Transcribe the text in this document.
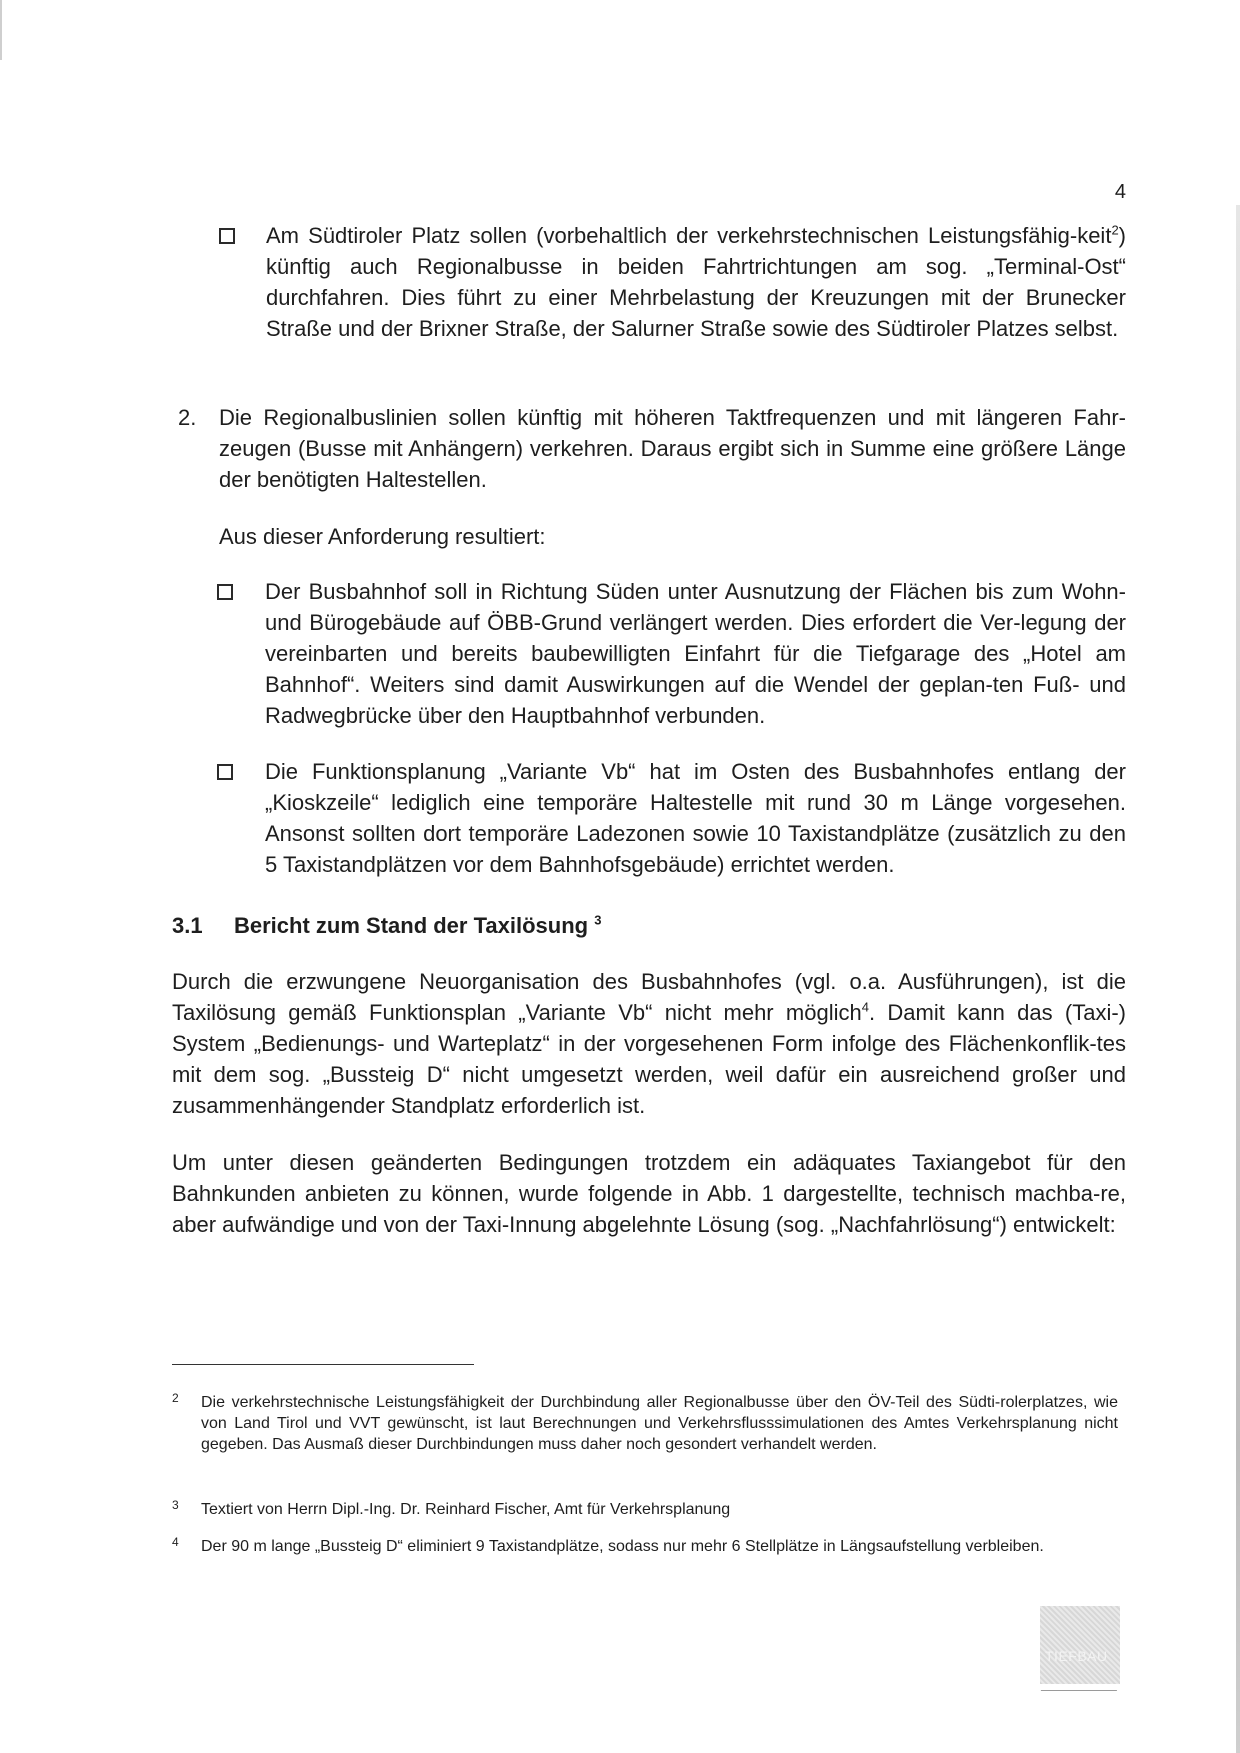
4
Am Südtiroler Platz sollen (vorbehaltlich der verkehrstechnischen Leistungsfähig-keit$^2$) künftig auch Regionalbusse in beiden Fahrtrichtungen am sog. „Terminal-Ost“ durchfahren. Dies führt zu einer Mehrbelastung der Kreuzungen mit der Brunecker Straße und der Brixner Straße, der Salurner Straße sowie des Südtiroler Platzes selbst.
2. Die Regionalbuslinien sollen künftig mit höheren Taktfrequenzen und mit längeren Fahr-zeugen (Busse mit Anhängern) verkehren. Daraus ergibt sich in Summe eine größere Länge der benötigten Haltestellen.
Aus dieser Anforderung resultiert:
Der Busbahnhof soll in Richtung Süden unter Ausnutzung der Flächen bis zum Wohn- und Bürogebäude auf ÖBB-Grund verlängert werden. Dies erfordert die Ver-legung der vereinbarten und bereits baubewilligten Einfahrt für die Tiefgarage des „Hotel am Bahnhof“. Weiters sind damit Auswirkungen auf die Wendel der geplan-ten Fuß- und Radwegbrücke über den Hauptbahnhof verbunden.
Die Funktionsplanung „Variante Vb“ hat im Osten des Busbahnhofes entlang der „Kioskzeile“ lediglich eine temporäre Haltestelle mit rund 30 m Länge vorgesehen. Ansonst sollten dort temporäre Ladezonen sowie 10 Taxistandplätze (zusätzlich zu den 5 Taxistandplätzen vor dem Bahnhofsgebäude) errichtet werden.
3.1 Bericht zum Stand der Taxilösung $^3$
Durch die erzwungene Neuorganisation des Busbahnhofes (vgl. o.a. Ausführungen), ist die Taxilösung gemäß Funktionsplan „Variante Vb“ nicht mehr möglich$^4$. Damit kann das (Taxi-) System „Bedienungs- und Warteplatz“ in der vorgesehenen Form infolge des Flächenkonflik-tes mit dem sog. „Bussteig D“ nicht umgesetzt werden, weil dafür ein ausreichend großer und zusammenhängender Standplatz erforderlich ist.
Um unter diesen geänderten Bedingungen trotzdem ein adäquates Taxiangebot für den Bahnkunden anbieten zu können, wurde folgende in Abb. 1 dargestellte, technisch machba-re, aber aufwändige und von der Taxi-Innung abgelehnte Lösung (sog. „Nachfahrlösung“) entwickelt:
2 Die verkehrstechnische Leistungsfähigkeit der Durchbindung aller Regionalbusse über den ÖV-Teil des Südti-rolerplatzes, wie von Land Tirol und VVT gewünscht, ist laut Berechnungen und Verkehrsflusssimulationen des Amtes Verkehrsplanung nicht gegeben. Das Ausmaß dieser Durchbindungen muss daher noch gesondert verhandelt werden.
3 Textiert von Herrn Dipl.-Ing. Dr. Reinhard Fischer, Amt für Verkehrsplanung
4 Der 90 m lange „Bussteig D“ eliminiert 9 Taxistandplätze, sodass nur mehr 6 Stellplätze in Längsaufstellung verbleiben.
TIEFBAU
